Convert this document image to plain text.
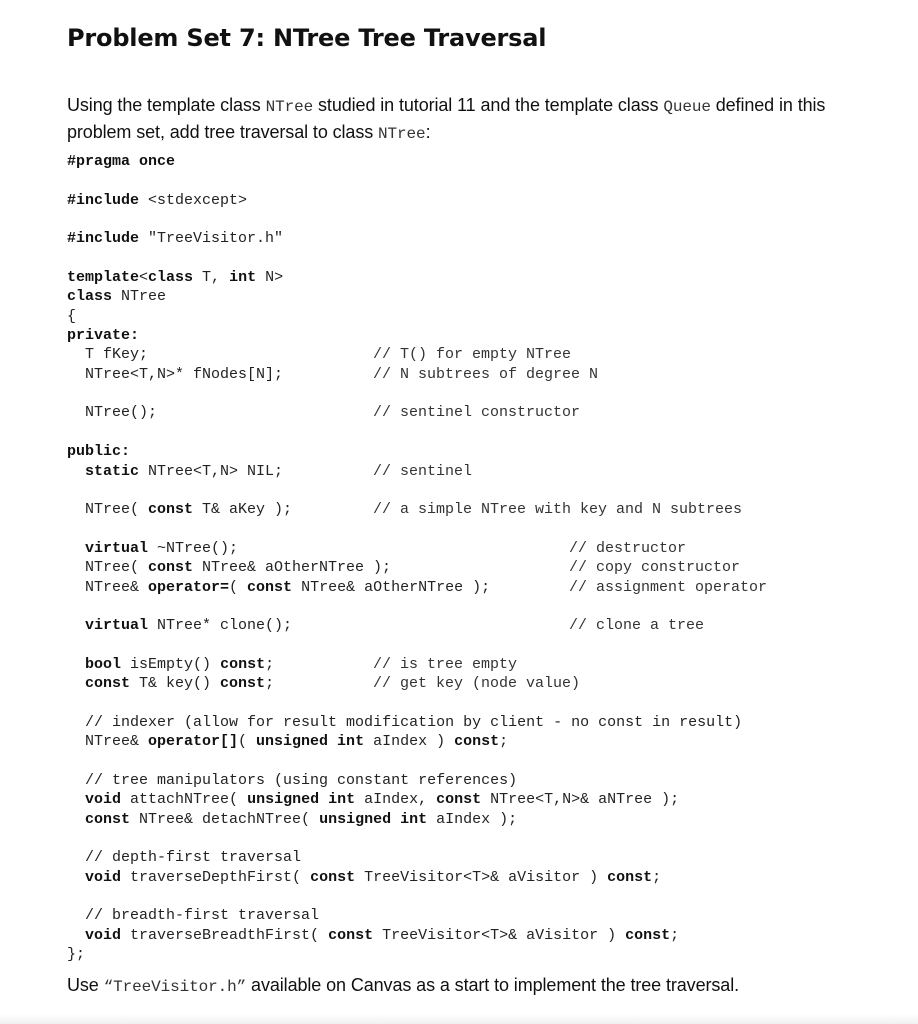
Problem Set 7: NTree Tree Traversal
Using the template class NTree studied in tutorial 11 and the template class Queue defined in this problem set, add tree traversal to class NTree:
#pragma once
#include <stdexcept>
#include "TreeVisitor.h"
template<class T, int N>
class NTree
{
private:
T fKey;	// T() for empty NTree
NTree<T,N>* fNodes[N];	// N subtrees of degree N
NTree();	// sentinel constructor
public:
static NTree<T,N> NIL;	// sentinel
NTree( const T& aKey );	// a simple NTree with key and N subtrees
virtual ~NTree();	// destructor
NTree( const NTree& aOtherNTree );	// copy constructor
NTree& operator=( const NTree& aOtherNTree );	// assignment operator
virtual NTree* clone();	// clone a tree
bool isEmpty() const;	// is tree empty
const T& key() const;	// get key (node value)
// indexer (allow for result modification by client - no const in result)
NTree& operator[]( unsigned int aIndex ) const;
// tree manipulators (using constant references)
void attachNTree( unsigned int aIndex, const NTree<T,N>& aNTree );
const NTree& detachNTree( unsigned int aIndex );
// depth-first traversal
void traverseDepthFirst( const TreeVisitor<T>& aVisitor ) const;
// breadth-first traversal
void traverseBreadthFirst( const TreeVisitor<T>& aVisitor ) const;
};
Use “TreeVisitor.h” available on Canvas as a start to implement the tree traversal.
